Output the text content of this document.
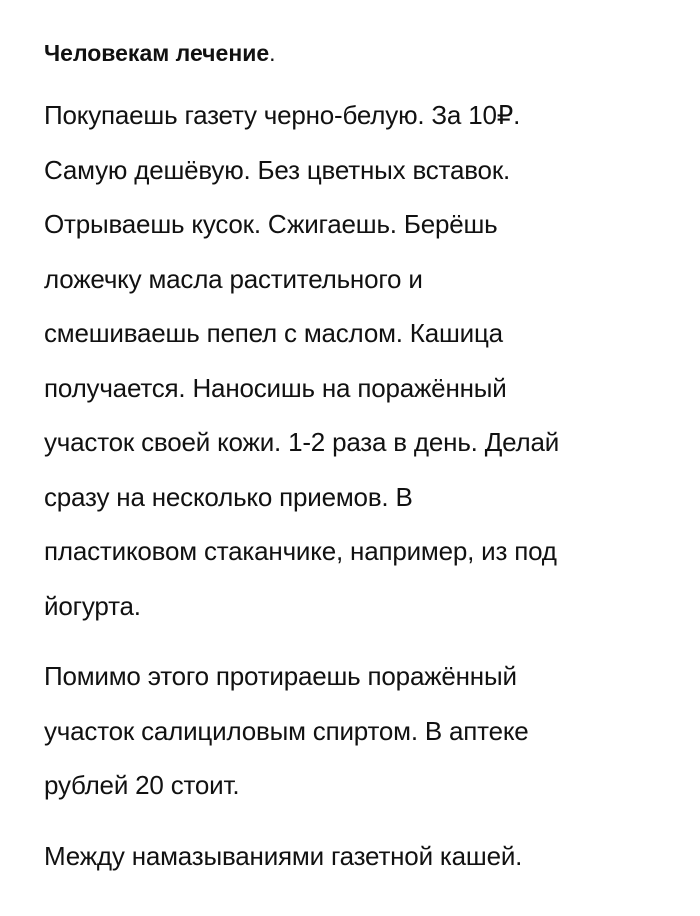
Человекам лечение.
Покупаешь газету черно-белую. За 10₽.
Самую дешёвую. Без цветных вставок.
Отрываешь кусок. Сжигаешь. Берёшь
ложечку масла растительного и
смешиваешь пепел с маслом. Кашица
получается. Наносишь на поражённый
участок своей кожи. 1-2 раза в день. Делай
сразу на несколько приемов. В
пластиковом стаканчике, например, из под
йогурта.
Помимо этого протираешь поражённый
участок салициловым спиртом. В аптеке
рублей 20 стоит.
Между намазываниями газетной кашей.
